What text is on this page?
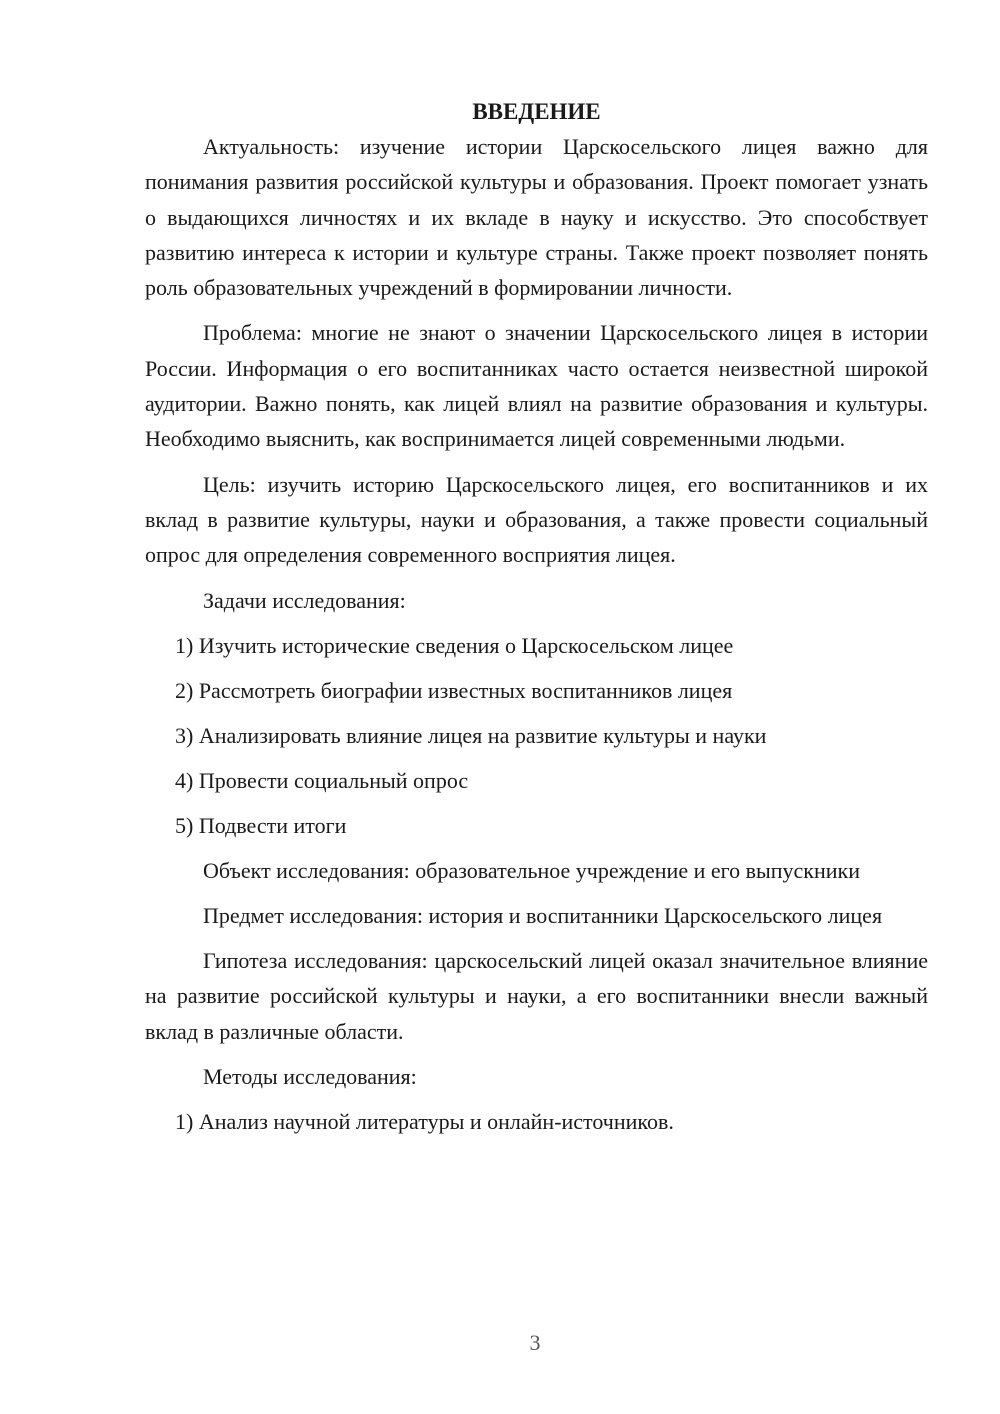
ВВЕДЕНИЕ

Актуальность: изучение истории Царскосельского лицея важно для понимания развития российской культуры и образования. Проект помогает узнать о выдающихся личностях и их вкладе в науку и искусство. Это способствует развитию интереса к истории и культуре страны. Также проект позволяет понять роль образовательных учреждений в формировании личности.

Проблема: многие не знают о значении Царскосельского лицея в истории России. Информация о его воспитанниках часто остается неизвестной широкой аудитории. Важно понять, как лицей влиял на развитие образования и культуры. Необходимо выяснить, как воспринимается лицей современными людьми.

Цель: изучить историю Царскосельского лицея, его воспитанников и их вклад в развитие культуры, науки и образования, а также провести социальный опрос для определения современного восприятия лицея.

Задачи исследования:

1) Изучить исторические сведения о Царскосельском лицее

2) Рассмотреть биографии известных воспитанников лицея

3) Анализировать влияние лицея на развитие культуры и науки

4) Провести социальный опрос

5) Подвести итоги

Объект исследования: образовательное учреждение и его выпускники

Предмет исследования: история и воспитанники Царскосельского лицея

Гипотеза исследования: царскосельский лицей оказал значительное влияние на развитие российской культуры и науки, а его воспитанники внесли важный вклад в различные области.

Методы исследования:

1) Анализ научной литературы и онлайн-источников.

3
